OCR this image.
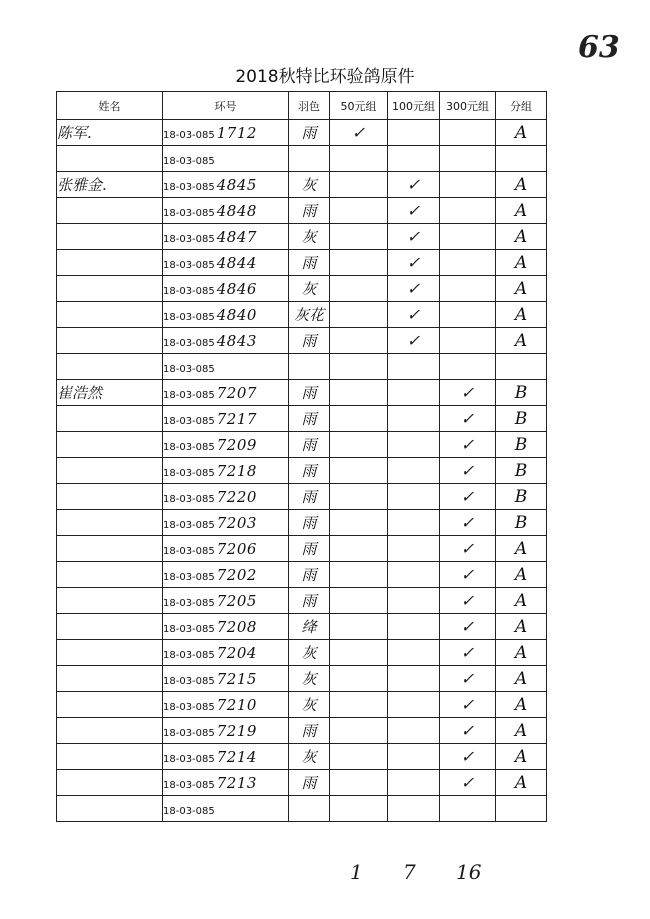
63
2018秋特比环验鸽原件
姓名	环号	羽色	50元组	100元组	300元组	分组
陈军.	18-03-085 1712	雨	✓			A
	18-03-085					
张雅金.	18-03-085 4845	灰		✓		A
	18-03-085 4848	雨		✓		A
	18-03-085 4847	灰		✓		A
	18-03-085 4844	雨		✓		A
	18-03-085 4846	灰		✓		A
	18-03-085 4840	灰花		✓		A
	18-03-085 4843	雨		✓		A
	18-03-085					
崔浩然	18-03-085 7207	雨			✓	B
	18-03-085 7217	雨			✓	B
	18-03-085 7209	雨			✓	B
	18-03-085 7218	雨			✓	B
	18-03-085 7220	雨			✓	B
	18-03-085 7203	雨			✓	B
	18-03-085 7206	雨			✓	A
	18-03-085 7202	雨			✓	A
	18-03-085 7205	雨			✓	A
	18-03-085 7208	绛			✓	A
	18-03-085 7204	灰			✓	A
	18-03-085 7215	灰			✓	A
	18-03-085 7210	灰			✓	A
	18-03-085 7219	雨			✓	A
	18-03-085 7214	灰			✓	A
	18-03-085 7213	雨			✓	A
	18-03-085					
1 7 16
